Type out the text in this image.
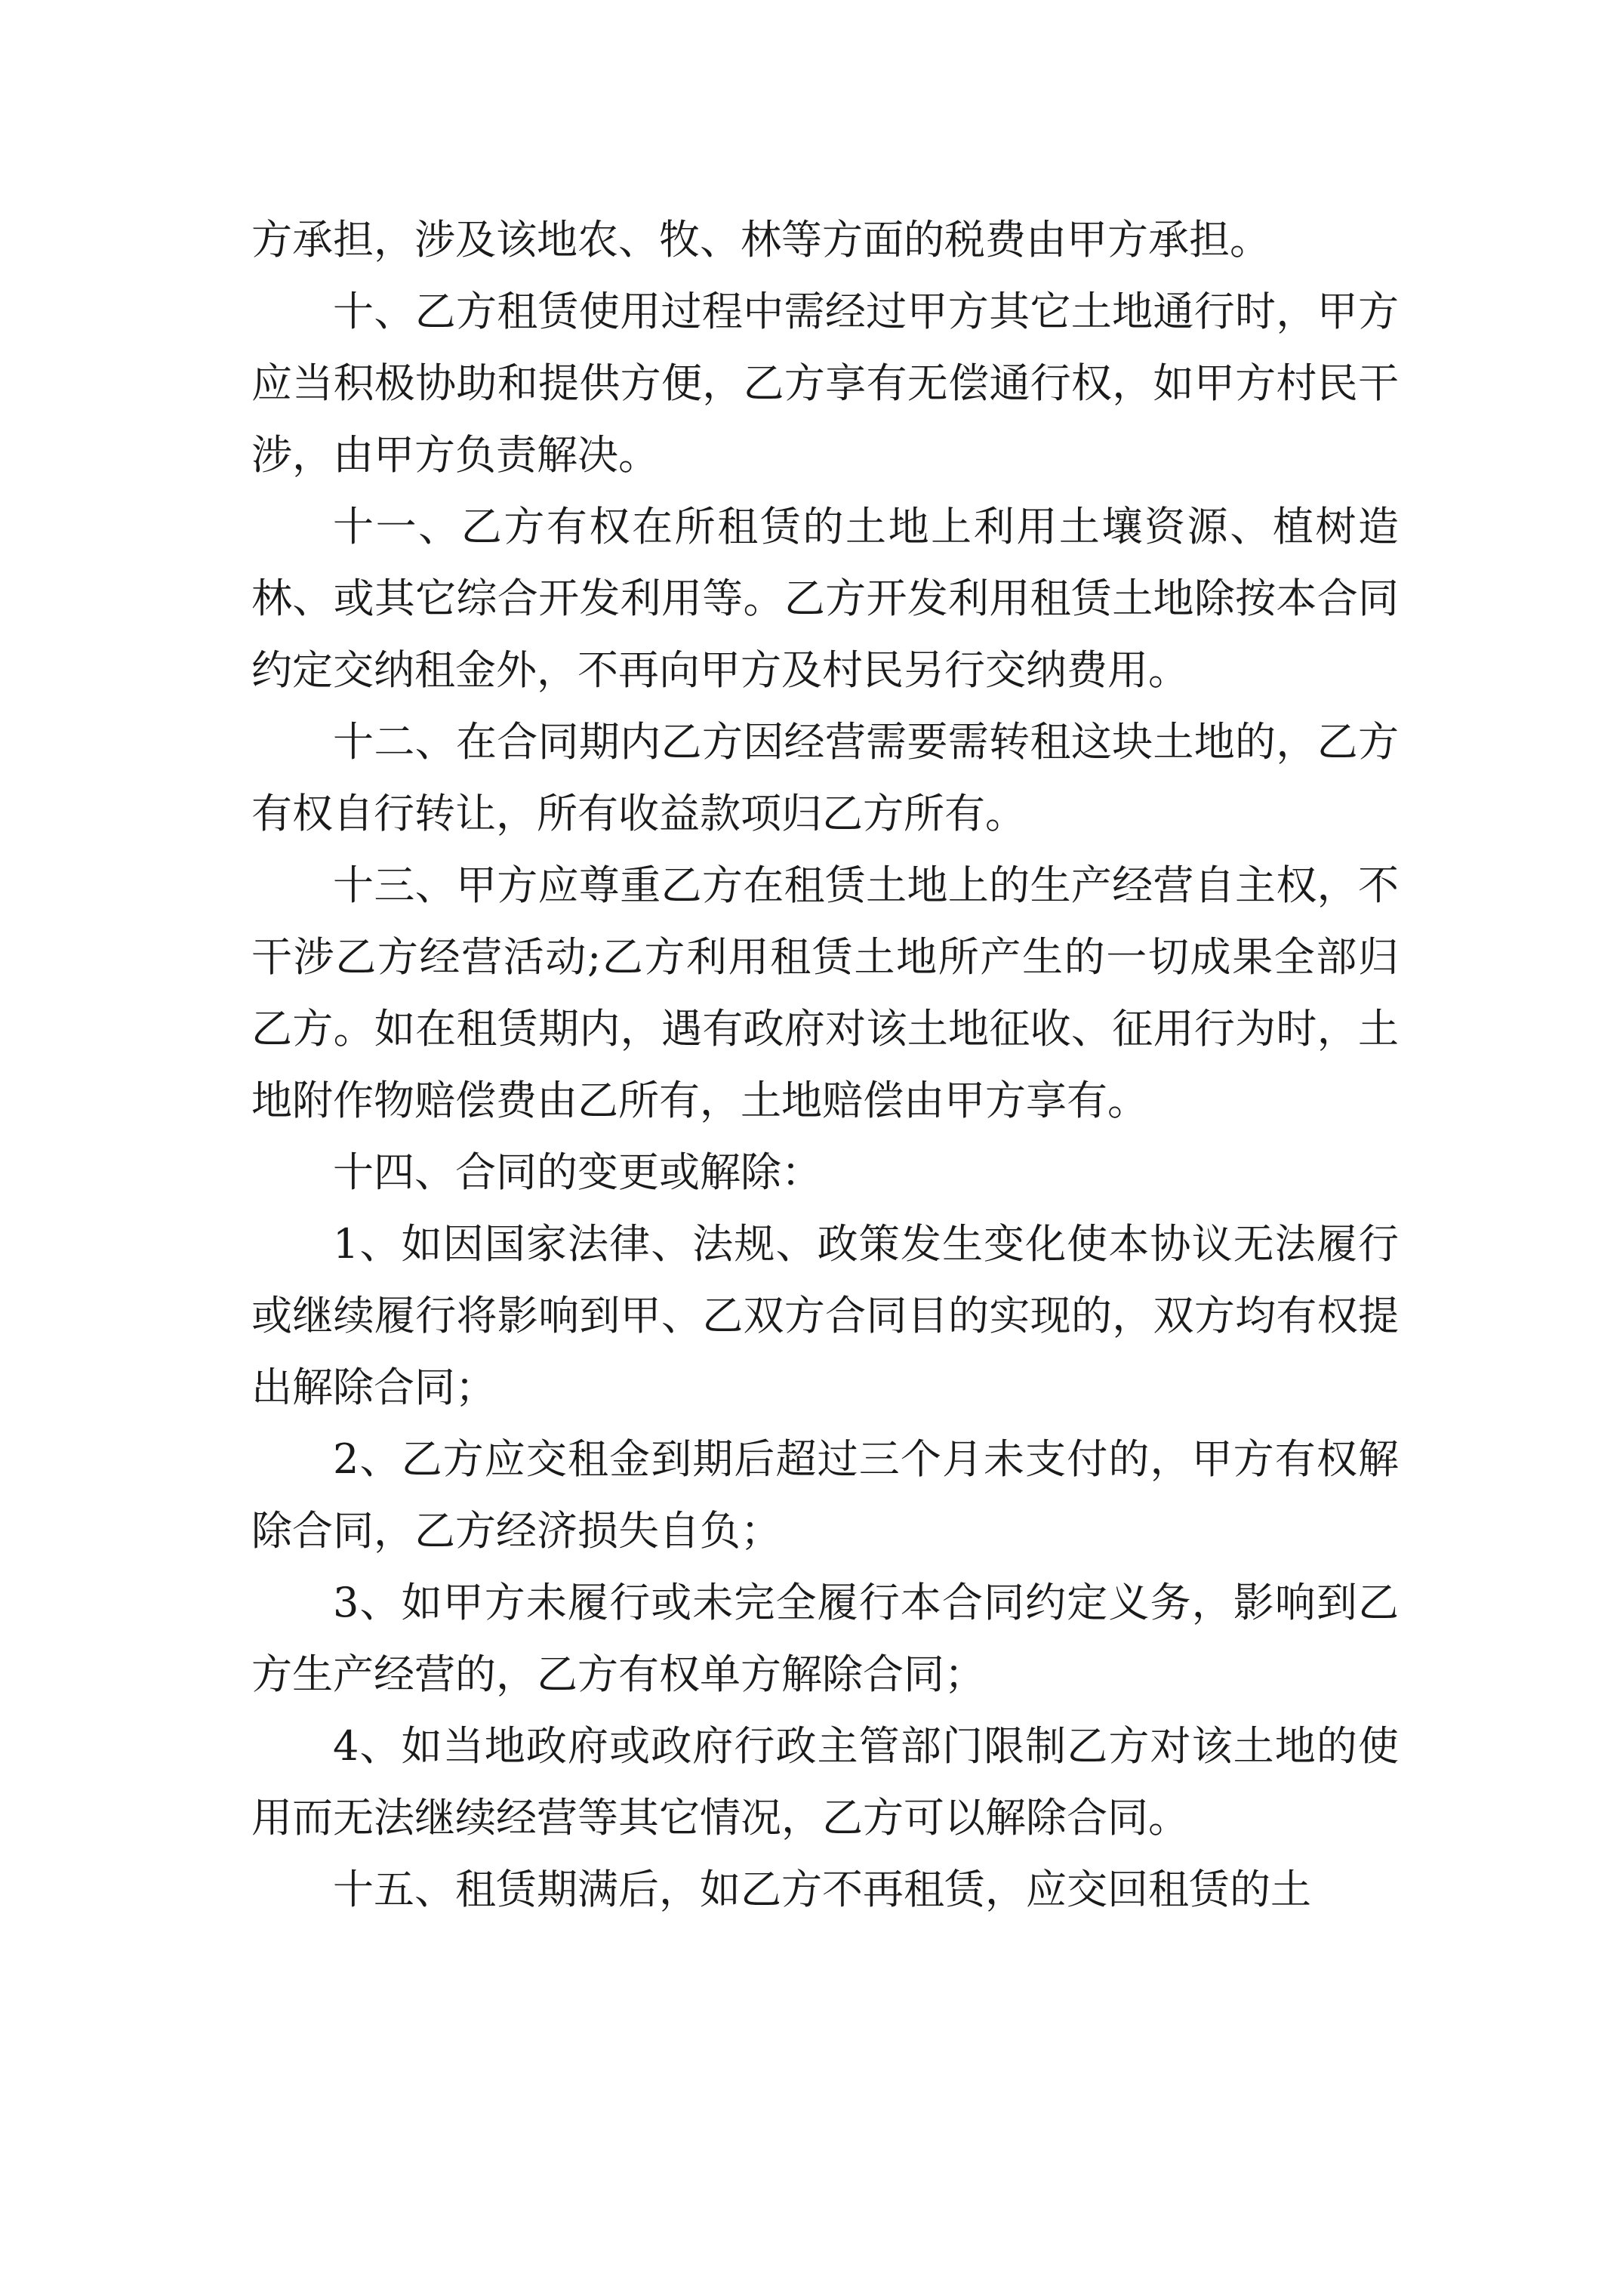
方承担，涉及该地农、牧、林等方面的税费由甲方承担。

十、乙方租赁使用过程中需经过甲方其它土地通行时，甲方应当积极协助和提供方便，乙方享有无偿通行权，如甲方村民干涉，由甲方负责解决。

十一、乙方有权在所租赁的土地上利用土壤资源、植树造林、或其它综合开发利用等。乙方开发利用租赁土地除按本合同约定交纳租金外，不再向甲方及村民另行交纳费用。

十二、在合同期内乙方因经营需要需转租这块土地的，乙方有权自行转让，所有收益款项归乙方所有。

十三、甲方应尊重乙方在租赁土地上的生产经营自主权，不干涉乙方经营活动;乙方利用租赁土地所产生的一切成果全部归乙方。如在租赁期内，遇有政府对该土地征收、征用行为时，土地附作物赔偿费由乙所有，土地赔偿由甲方享有。

十四、合同的变更或解除：

1、如因国家法律、法规、政策发生变化使本协议无法履行或继续履行将影响到甲、乙双方合同目的实现的，双方均有权提出解除合同；

2、乙方应交租金到期后超过三个月未支付的，甲方有权解除合同，乙方经济损失自负；

3、如甲方未履行或未完全履行本合同约定义务，影响到乙方生产经营的，乙方有权单方解除合同；

4、如当地政府或政府行政主管部门限制乙方对该土地的使用而无法继续经营等其它情况，乙方可以解除合同。

十五、租赁期满后，如乙方不再租赁，应交回租赁的土
